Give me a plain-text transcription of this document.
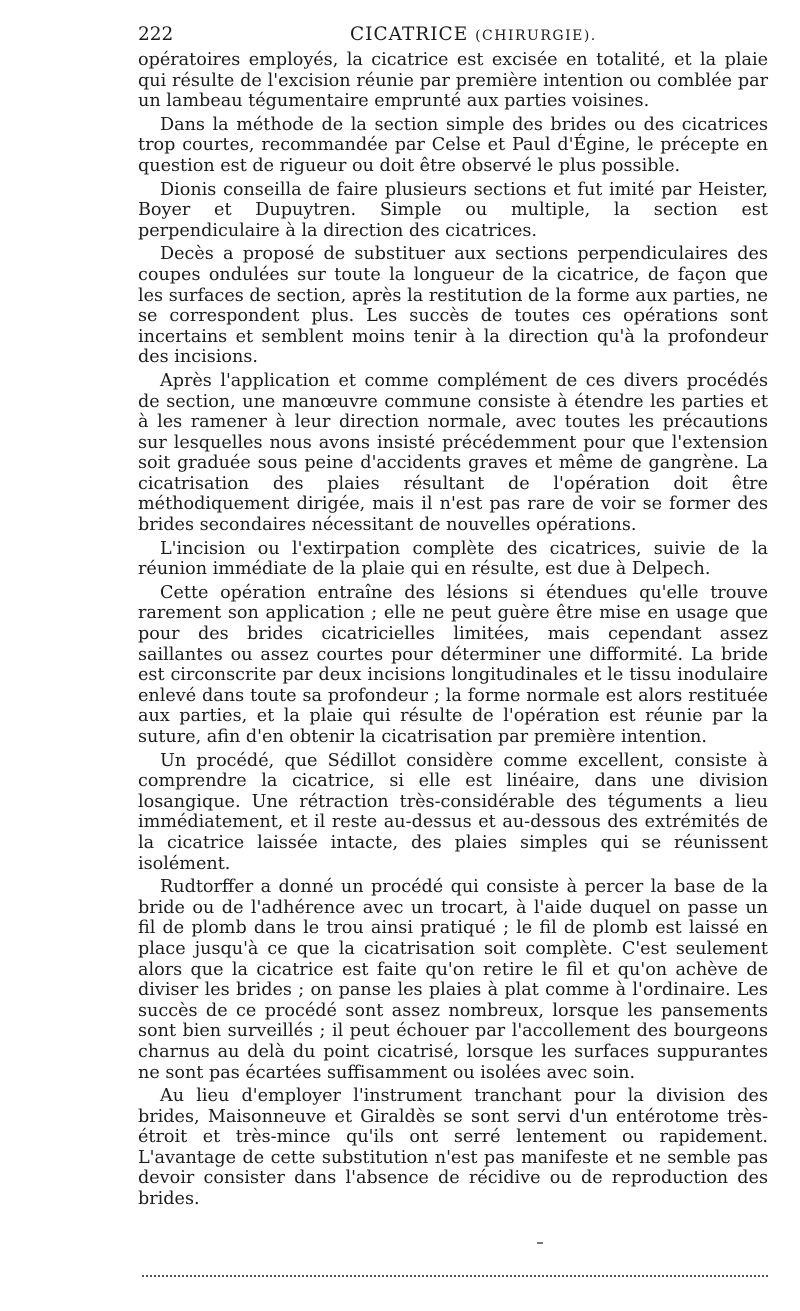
222	CICATRICE (CHIRURGIE).

opératoires employés, la cicatrice est excisée en totalité, et la plaie qui résulte de l'excision réunie par première intention ou comblée par un lambeau tégumentaire emprunté aux parties voisines.

Dans la méthode de la section simple des brides ou des cicatrices trop courtes, recommandée par Celse et Paul d'Égine, le précepte en question est de rigueur ou doit être observé le plus possible.

Dionis conseilla de faire plusieurs sections et fut imité par Heister, Boyer et Dupuytren. Simple ou multiple, la section est perpendiculaire à la direction des cicatrices.

Decès a proposé de substituer aux sections perpendiculaires des coupes ondulées sur toute la longueur de la cicatrice, de façon que les surfaces de section, après la restitution de la forme aux parties, ne se correspondent plus. Les succès de toutes ces opérations sont incertains et semblent moins tenir à la direction qu'à la profondeur des incisions.

Après l'application et comme complément de ces divers procédés de section, une manœuvre commune consiste à étendre les parties et à les ramener à leur direction normale, avec toutes les précautions sur lesquelles nous avons insisté précédemment pour que l'extension soit graduée sous peine d'accidents graves et même de gangrène. La cicatrisation des plaies résultant de l'opération doit être méthodiquement dirigée, mais il n'est pas rare de voir se former des brides secondaires nécessitant de nouvelles opérations.

L'incision ou l'extirpation complète des cicatrices, suivie de la réunion immédiate de la plaie qui en résulte, est due à Delpech.

Cette opération entraîne des lésions si étendues qu'elle trouve rarement son application ; elle ne peut guère être mise en usage que pour des brides cicatricielles limitées, mais cependant assez saillantes ou assez courtes pour déterminer une difformité. La bride est circonscrite par deux incisions longitudinales et le tissu inodulaire enlevé dans toute sa profondeur ; la forme normale est alors restituée aux parties, et la plaie qui résulte de l'opération est réunie par la suture, afin d'en obtenir la cicatrisation par première intention.

Un procédé, que Sédillot considère comme excellent, consiste à comprendre la cicatrice, si elle est linéaire, dans une division losangique. Une rétraction très-considérable des téguments a lieu immédiatement, et il reste au-dessus et au-dessous des extrémités de la cicatrice laissée intacte, des plaies simples qui se réunissent isolément.

Rudtorffer a donné un procédé qui consiste à percer la base de la bride ou de l'adhérence avec un trocart, à l'aide duquel on passe un fil de plomb dans le trou ainsi pratiqué ; le fil de plomb est laissé en place jusqu'à ce que la cicatrisation soit complète. C'est seulement alors que la cicatrice est faite qu'on retire le fil et qu'on achève de diviser les brides ; on panse les plaies à plat comme à l'ordinaire. Les succès de ce procédé sont assez nombreux, lorsque les pansements sont bien surveillés ; il peut échouer par l'accollement des bourgeons charnus au delà du point cicatrisé, lorsque les surfaces suppurantes ne sont pas écartées suffisamment ou isolées avec soin.

Au lieu d'employer l'instrument tranchant pour la division des brides, Maisonneuve et Giraldès se sont servi d'un entérotome très-étroit et très-mince qu'ils ont serré lentement ou rapidement. L'avantage de cette substitution n'est pas manifeste et ne semble pas devoir consister dans l'absence de récidive ou de reproduction des brides.
